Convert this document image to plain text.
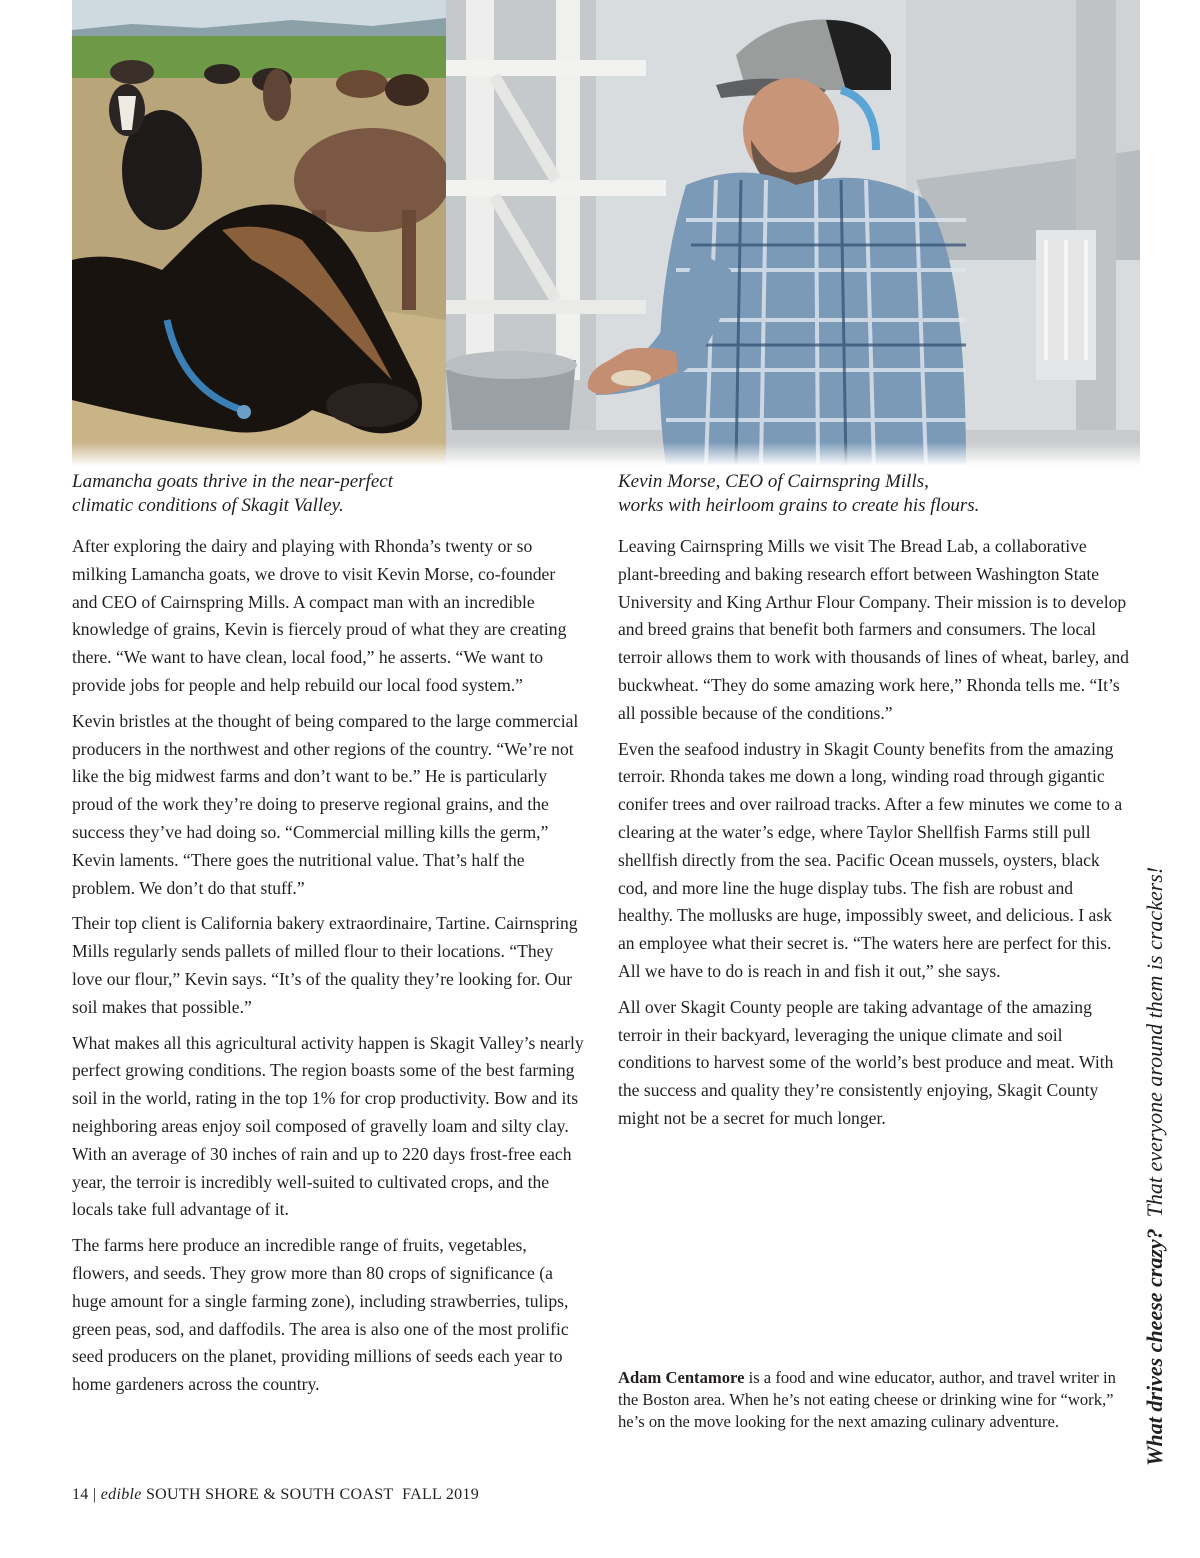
Lamancha goats thrive in the near-perfect
climatic conditions of Skagit Valley.
Kevin Morse, CEO of Cairnspring Mills,
works with heirloom grains to create his flours.

After exploring the dairy and playing with Rhonda’s twenty or so milking Lamancha goats, we drove to visit Kevin Morse, co-founder and CEO of Cairnspring Mills. A compact man with an incredible knowledge of grains, Kevin is fiercely proud of what they are creating there. “We want to have clean, local food,” he asserts. “We want to provide jobs for people and help rebuild our local food system.”

Kevin bristles at the thought of being compared to the large commercial producers in the northwest and other regions of the country. “We’re not like the big midwest farms and don’t want to be.” He is particularly proud of the work they’re doing to preserve regional grains, and the success they’ve had doing so. “Commercial milling kills the germ,” Kevin laments. “There goes the nutritional value. That’s half the problem. We don’t do that stuff.”

Their top client is California bakery extraordinaire, Tartine. Cairnspring Mills regularly sends pallets of milled flour to their locations. “They love our flour,” Kevin says. “It’s of the quality they’re looking for. Our soil makes that possible.”

What makes all this agricultural activity happen is Skagit Valley’s nearly perfect growing conditions. The region boasts some of the best farming soil in the world, rating in the top 1% for crop productivity. Bow and its neighboring areas enjoy soil composed of gravelly loam and silty clay. With an average of 30 inches of rain and up to 220 days frost-free each year, the terroir is incredibly well-suited to cultivated crops, and the locals take full advantage of it.

The farms here produce an incredible range of fruits, vegetables, flowers, and seeds. They grow more than 80 crops of significance (a huge amount for a single farming zone), including strawberries, tulips, green peas, sod, and daffodils. The area is also one of the most prolific seed producers on the planet, providing millions of seeds each year to home gardeners across the country.

Leaving Cairnspring Mills we visit The Bread Lab, a collaborative plant-breeding and baking research effort between Washington State University and King Arthur Flour Company. Their mission is to develop and breed grains that benefit both farmers and consumers. The local terroir allows them to work with thousands of lines of wheat, barley, and buckwheat. “They do some amazing work here,” Rhonda tells me. “It’s all possible because of the conditions.”

Even the seafood industry in Skagit County benefits from the amazing terroir. Rhonda takes me down a long, winding road through gigantic conifer trees and over railroad tracks. After a few minutes we come to a clearing at the water’s edge, where Taylor Shellfish Farms still pull shellfish directly from the sea. Pacific Ocean mussels, oysters, black cod, and more line the huge display tubs. The fish are robust and healthy. The mollusks are huge, impossibly sweet, and delicious. I ask an employee what their secret is. “The waters here are perfect for this. All we have to do is reach in and fish it out,” she says.

All over Skagit County people are taking advantage of the amazing terroir in their backyard, leveraging the unique climate and soil conditions to harvest some of the world’s best produce and meat. With the success and quality they’re consistently enjoying, Skagit County might not be a secret for much longer.

Adam Centamore is a food and wine educator, author, and travel writer in the Boston area. When he’s not eating cheese or drinking wine for “work,” he’s on the move looking for the next amazing culinary adventure.
14 | edible SOUTH SHORE & SOUTH COAST FALL 2019
What drives cheese crazy?  That everyone around them is crackers!
